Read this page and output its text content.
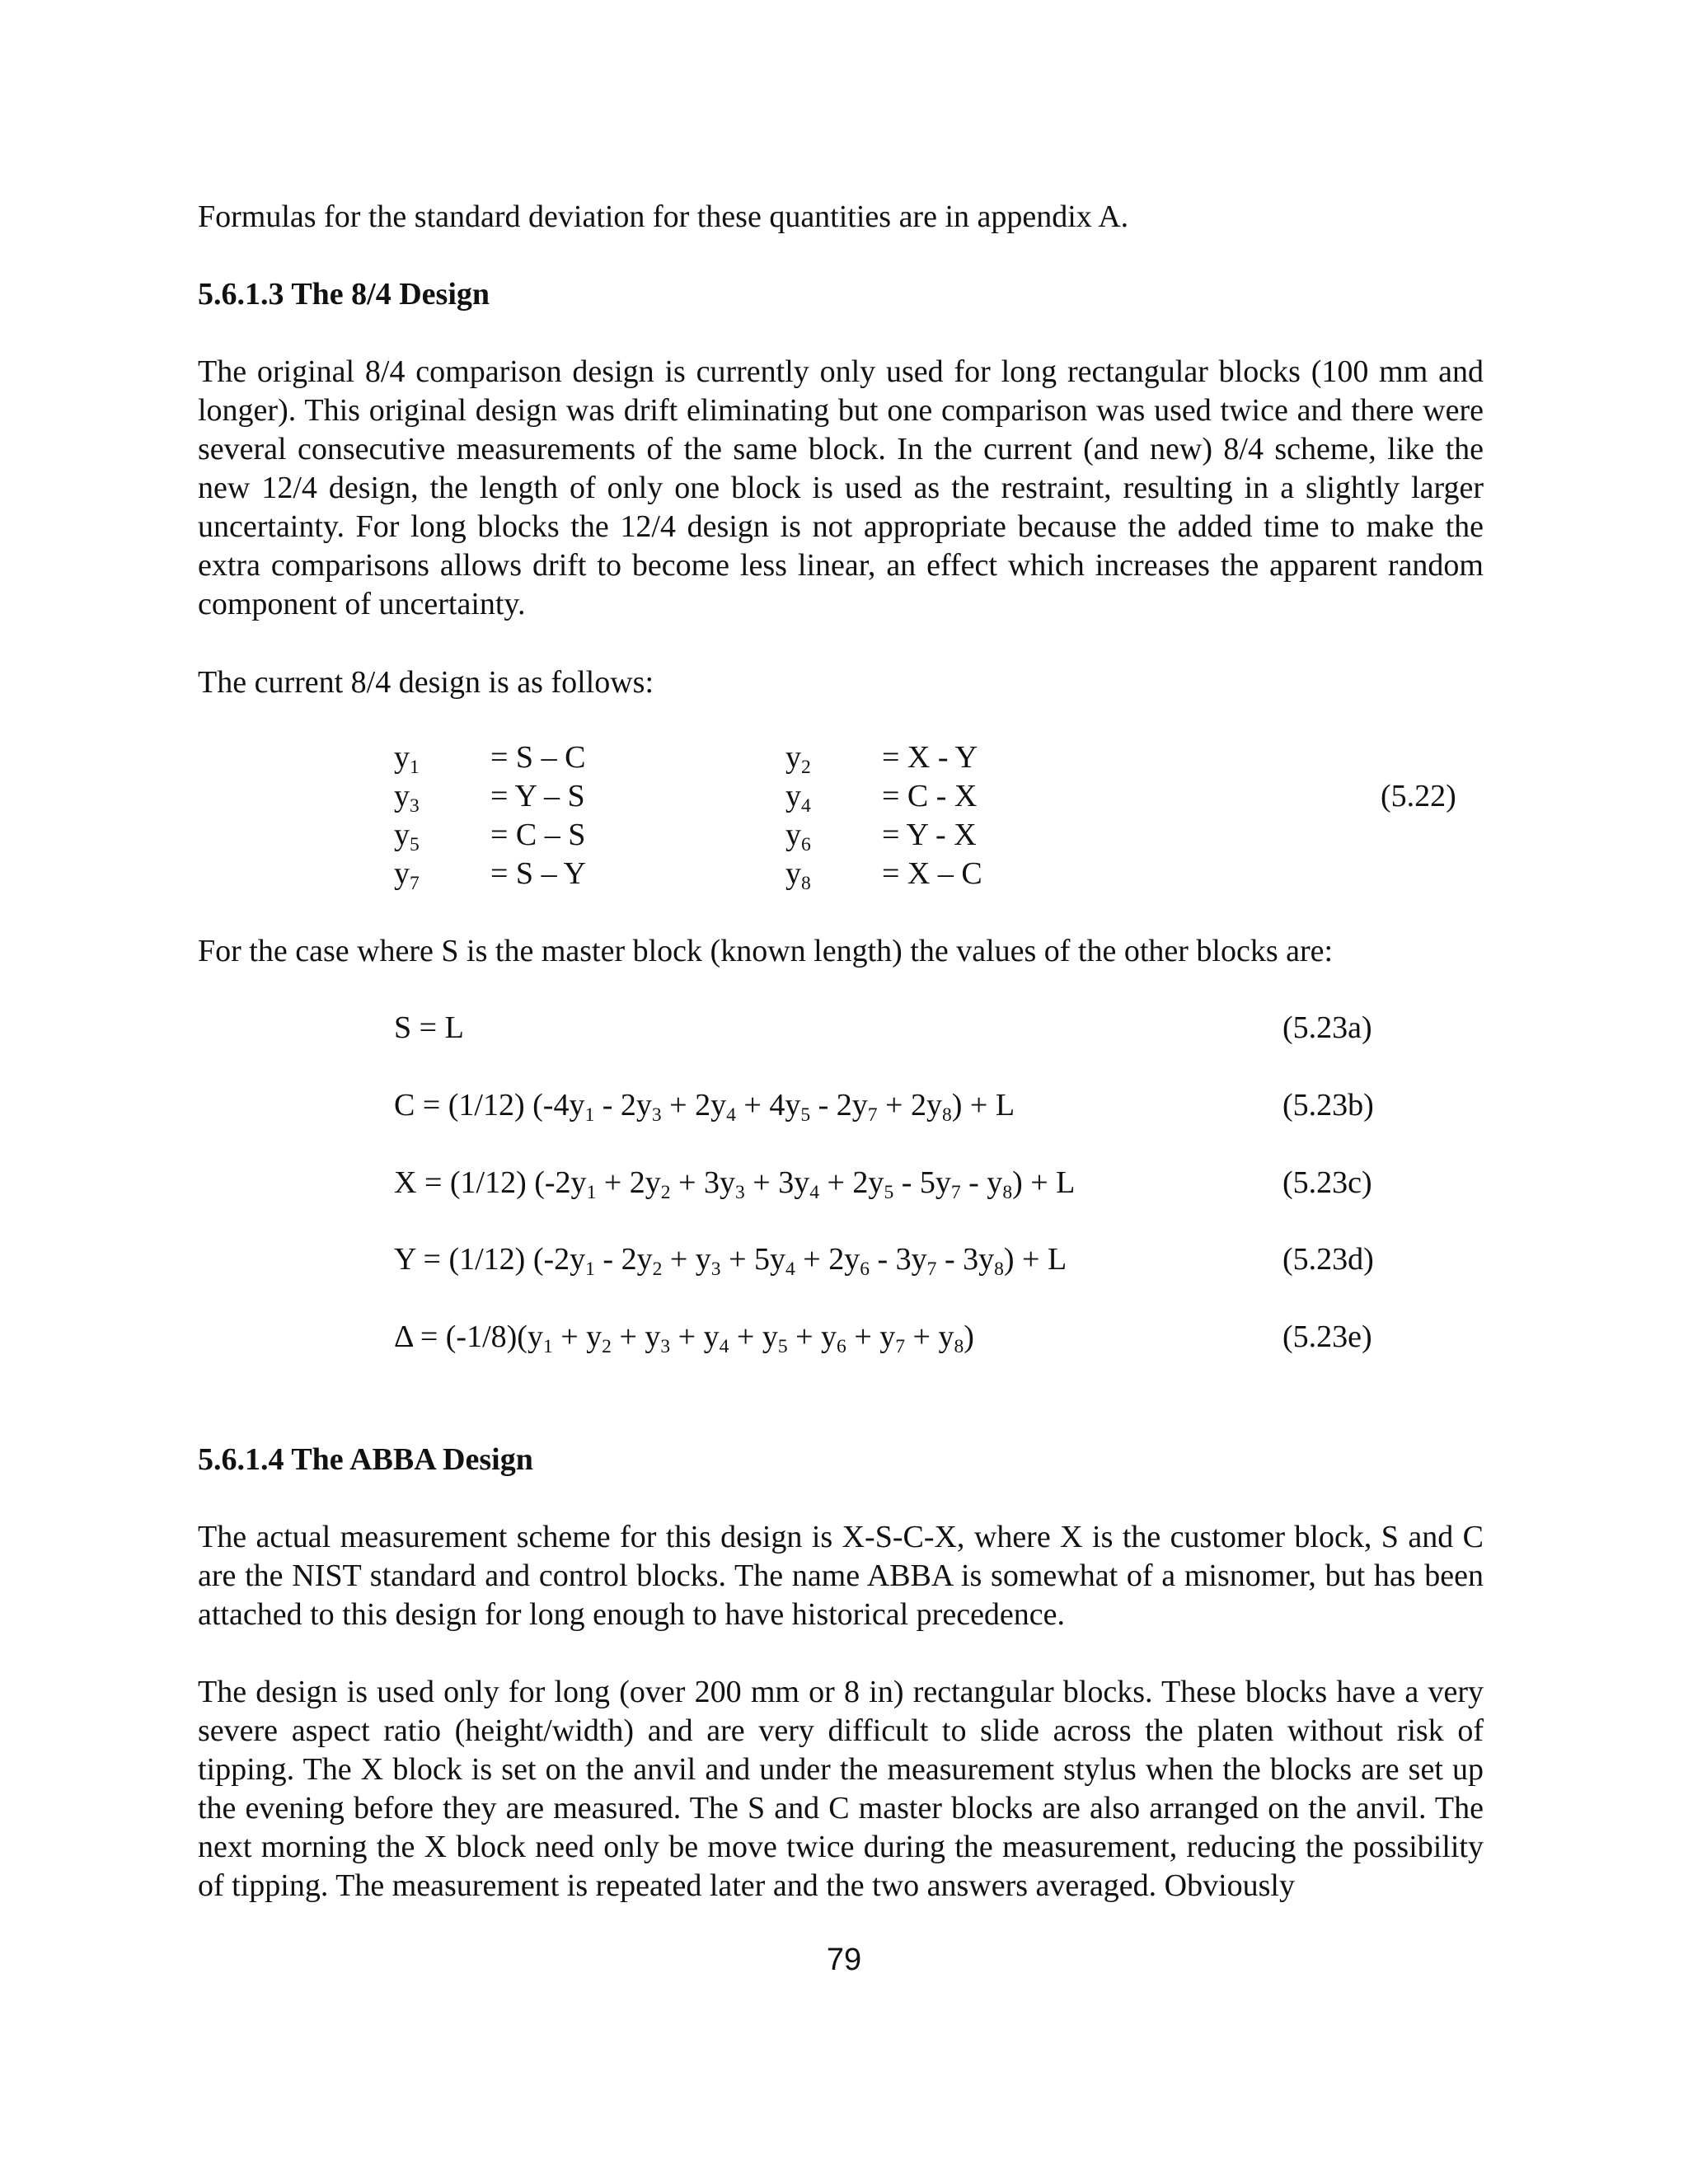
Formulas for the standard deviation for these quantities are in appendix A.

5.6.1.3 The 8/4 Design

The original 8/4 comparison design is currently only used for long rectangular blocks (100 mm and longer). This original design was drift eliminating but one comparison was used twice and there were several consecutive measurements of the same block. In the current (and new) 8/4 scheme, like the new 12/4 design, the length of only one block is used as the restraint, resulting in a slightly larger uncertainty. For long blocks the 12/4 design is not appropriate because the added time to make the extra comparisons allows drift to become less linear, an effect which increases the apparent random component of uncertainty.

The current 8/4 design is as follows:

$y_1 = S - C$	$y_2 = X - Y$
$y_3 = Y - S$	$y_4 = C - X$	(5.22)
$y_5 = C - S$	$y_6 = Y - X$
$y_7 = S - Y$	$y_8 = X - C$

For the case where S is the master block (known length) the values of the other blocks are:

S = L	(5.23a)
C = (1/12) $(-4y_1 - 2y_3 + 2y_4 + 4y_5 - 2y_7 + 2y_8) + L$	(5.23b)
X = (1/12) $(-2y_1 + 2y_2 + 3y_3 + 3y_4 + 2y_5 - 5y_7 - y_8) + L$	(5.23c)
Y = (1/12) $(-2y_1 - 2y_2 + y_3 + 5y_4 + 2y_6 - 3y_7 - 3y_8) + L$	(5.23d)
$\Delta = (-1/8)(y_1 + y_2 + y_3 + y_4 + y_5 + y_6 + y_7 + y_8)$	(5.23e)

5.6.1.4 The ABBA Design

The actual measurement scheme for this design is X-S-C-X, where X is the customer block, S and C are the NIST standard and control blocks. The name ABBA is somewhat of a misnomer, but has been attached to this design for long enough to have historical precedence.

The design is used only for long (over 200 mm or 8 in) rectangular blocks. These blocks have a very severe aspect ratio (height/width) and are very difficult to slide across the platen without risk of tipping. The X block is set on the anvil and under the measurement stylus when the blocks are set up the evening before they are measured. The S and C master blocks are also arranged on the anvil. The next morning the X block need only be move twice during the measurement, reducing the possibility of tipping. The measurement is repeated later and the two answers averaged. Obviously

79
